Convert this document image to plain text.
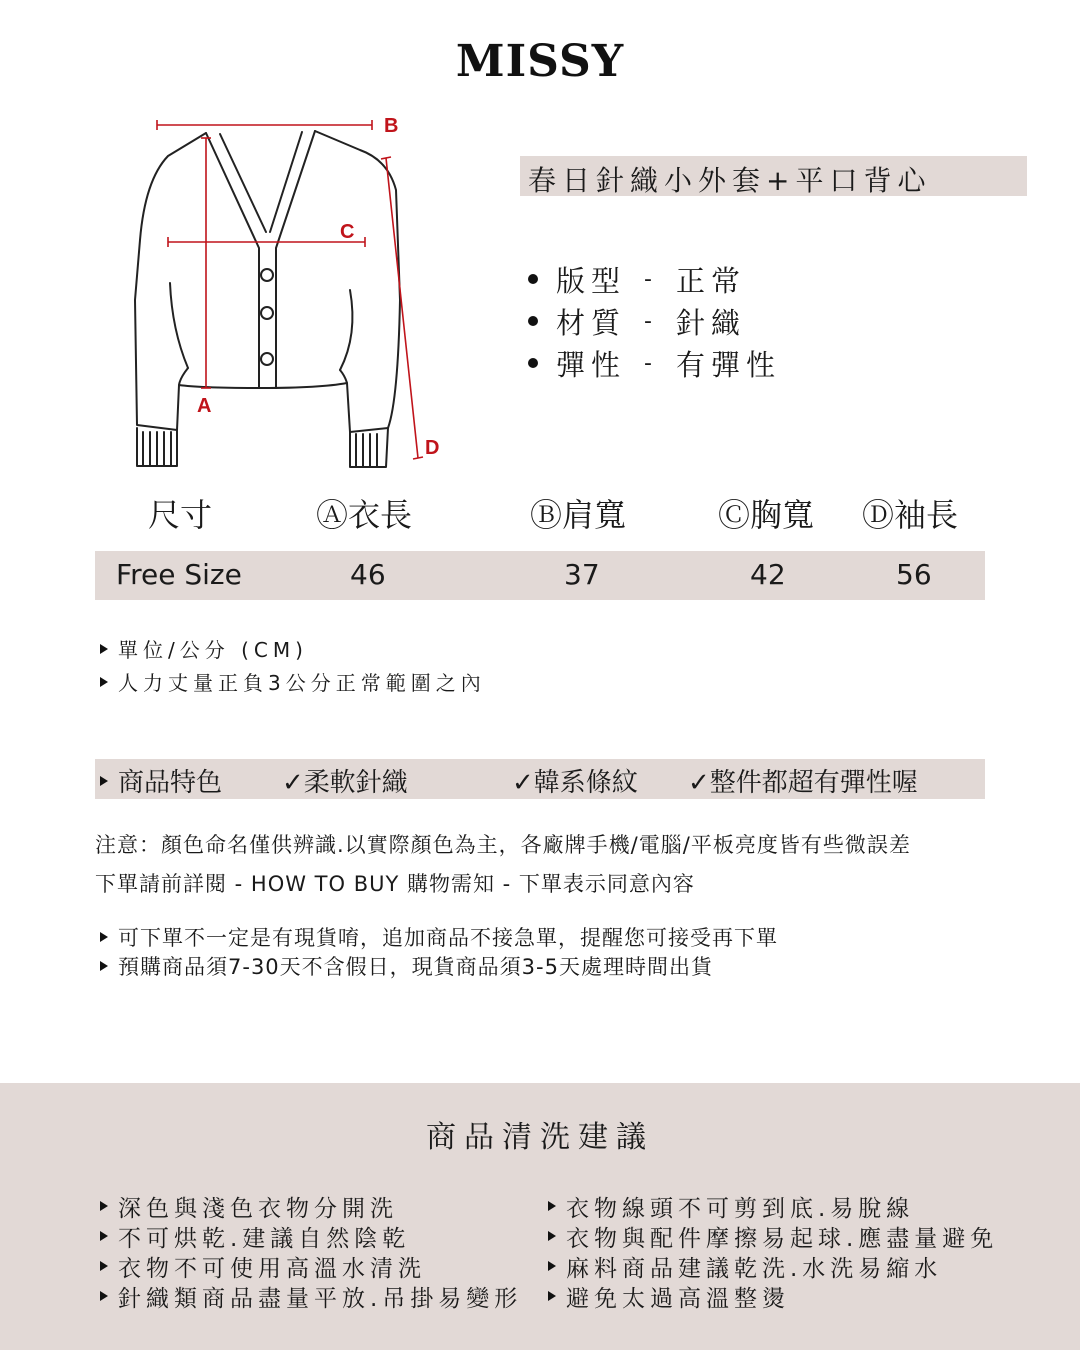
MISSY
B
C
A
D
春日針織小外套+平口背心
版型 - 正常
材質 - 針織
彈性 - 有彈性
尺寸	Ⓐ衣長	Ⓑ肩寬	Ⓒ胸寬 Ⓓ袖長
Free Size	46	37	42	56
單位/公分 (CM)
人力丈量正負3公分正常範圍之內
商品特色 ✓柔軟針織	✓韓系條紋 ✓整件都超有彈性喔
注意：顏色命名僅供辨識.以實際顏色為主，各廠牌手機/電腦/平板亮度皆有些微誤差
下單請前詳閱 - HOW TO BUY 購物需知 - 下單表示同意內容
可下單不一定是有現貨唷，追加商品不接急單，提醒您可接受再下單
預購商品須7-30天不含假日，現貨商品須3-5天處理時間出貨
商品清洗建議
深色與淺色衣物分開洗
不可烘乾.建議自然陰乾
衣物不可使用高溫水清洗
針織類商品盡量平放.吊掛易變形
衣物線頭不可剪到底.易脫線
衣物與配件摩擦易起球.應盡量避免
麻料商品建議乾洗.水洗易縮水
避免太過高溫整燙
